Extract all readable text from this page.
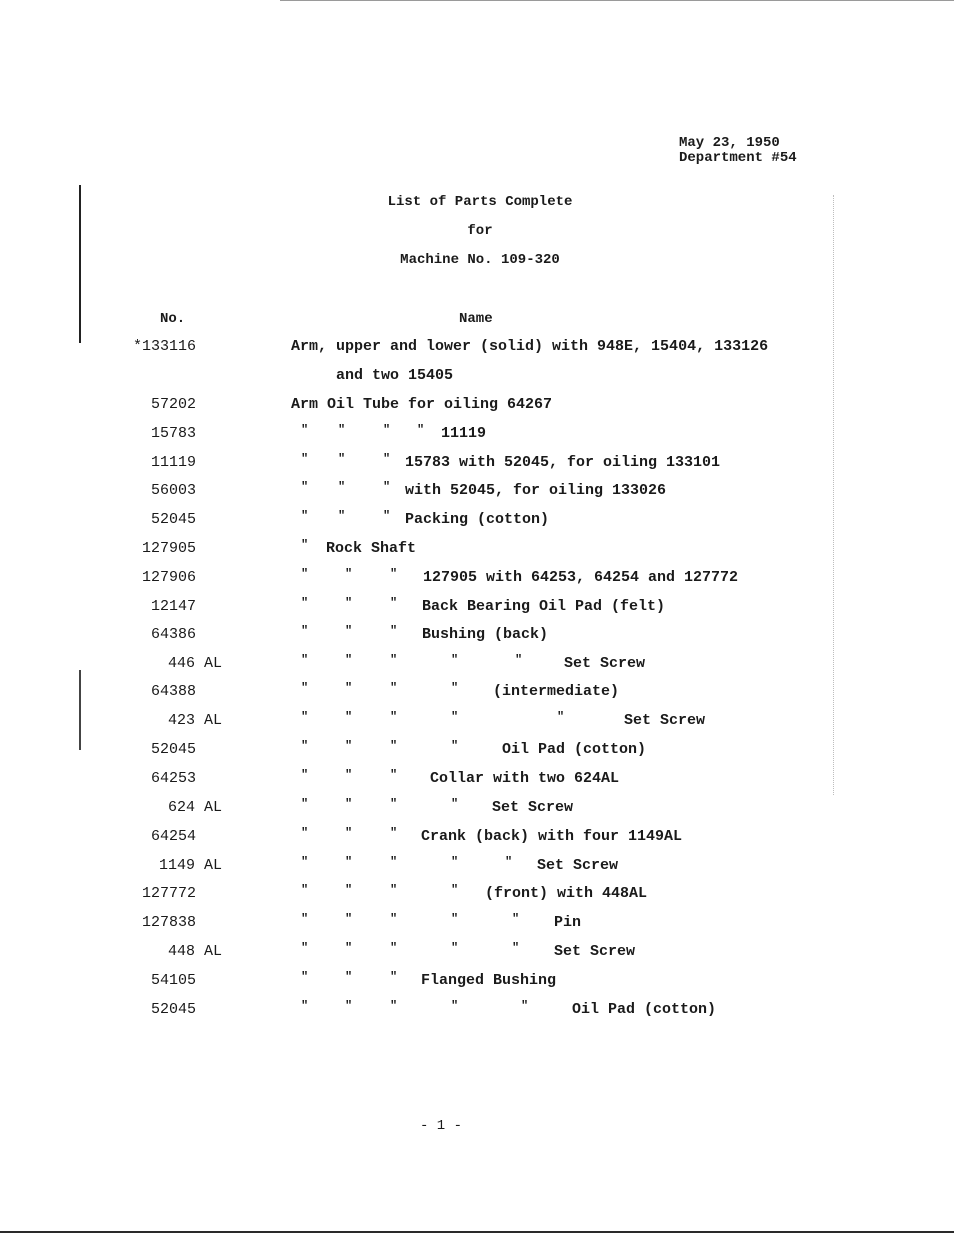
May 23, 1950
Department #54
List of Parts Complete
for
Machine No. 109-320
No.	Name
*133116	Arm, upper and lower (solid) with 948E, 15404, 133126
and two 15405
57202	Arm Oil Tube for oiling 64267
15783	" "	" " 11119
11119	" "	" 15783 with 52045, for oiling 133101
56003	" "	" with 52045, for oiling 133026
52045	" "	" Packing (cotton)
127905	" Rock Shaft
127906	"	"	" 127905 with 64253, 64254 and 127772
12147	"	"	" Back Bearing Oil Pad (felt)
64386	"	"	" Bushing (back)
446 AL	"	"	"	"	"	Set Screw
64388	"	"	"	" (intermediate)
423 AL	"	"	"	"	"	Set Screw
52045	"	"	"	"	Oil Pad (cotton)
64253	"	"	" Collar with two 624AL
624 AL	"	"	"	" Set Screw
64254	"	"	" Crank (back) with four 1149AL
1149 AL	"	"	"	"	" Set Screw
127772	"	"	"	" (front) with 448AL
127838	"	"	"	"	" Pin
448 AL	"	"	"	"	" Set Screw
54105	"	"	" Flanged Bushing
52045	"	"	"	"	"	Oil Pad (cotton)
- 1 -
